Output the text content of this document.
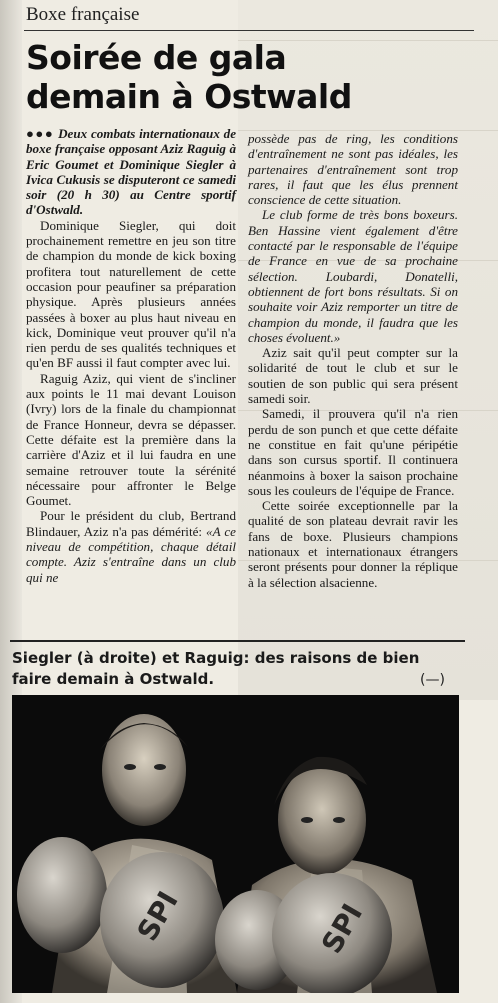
Boxe française
Soirée de gala demain à Ostwald

●●● Deux combats internationaux de boxe française opposant Aziz Raguig à Eric Goumet et Dominique Siegler à Ivica Cukusis se disputeront ce samedi soir (20 h 30) au Centre sportif d'Ostwald.

Dominique Siegler, qui doit prochainement remettre en jeu son titre de champion du monde de kick boxing profitera tout naturellement de cette occasion pour peaufiner sa préparation physique. Après plusieurs années passées à boxer au plus haut niveau en kick, Dominique veut prouver qu'il n'a rien perdu de ses qualités techniques et qu'en BF aussi il faut compter avec lui.

Raguig Aziz, qui vient de s'incliner aux points le 11 mai devant Louison (Ivry) lors de la finale du championnat de France Honneur, devra se dépasser. Cette défaite est la première dans la carrière d'Aziz et il lui faudra en une semaine retrouver toute la sérénité nécessaire pour affronter le Belge Goumet.

Pour le président du club, Bertrand Blindauer, Aziz n'a pas démérité: «A ce niveau de compétition, chaque détail compte. Aziz s'entraîne dans un club qui ne

possède pas de ring, les conditions d'entraînement ne sont pas idéales, les partenaires d'entraînement sont trop rares, il faut que les élus prennent conscience de cette situation.

Le club forme de très bons boxeurs. Ben Hassine vient également d'être contacté par le responsable de l'équipe de France en vue de sa prochaine sélection. Loubardi, Donatelli, obtiennent de fort bons résultats. Si on souhaite voir Aziz remporter un titre de champion du monde, il faudra que les choses évoluent.»

Aziz sait qu'il peut compter sur la solidarité de tout le club et sur le soutien de son public qui sera présent samedi soir.

Samedi, il prouvera qu'il n'a rien perdu de son punch et que cette défaite ne constitue en fait qu'une péripétie dans son cursus sportif. Il continuera néanmoins à boxer la saison prochaine sous les couleurs de l'équipe de France.

Cette soirée exceptionnelle par la qualité de son plateau devrait ravir les fans de boxe. Plusieurs champions nationaux et internationaux étrangers seront présents pour donner la réplique à la sélection alsacienne.

Siegler (à droite) et Raguig: des raisons de bien faire demain à Ostwald.	(—)
SPI	SPI
